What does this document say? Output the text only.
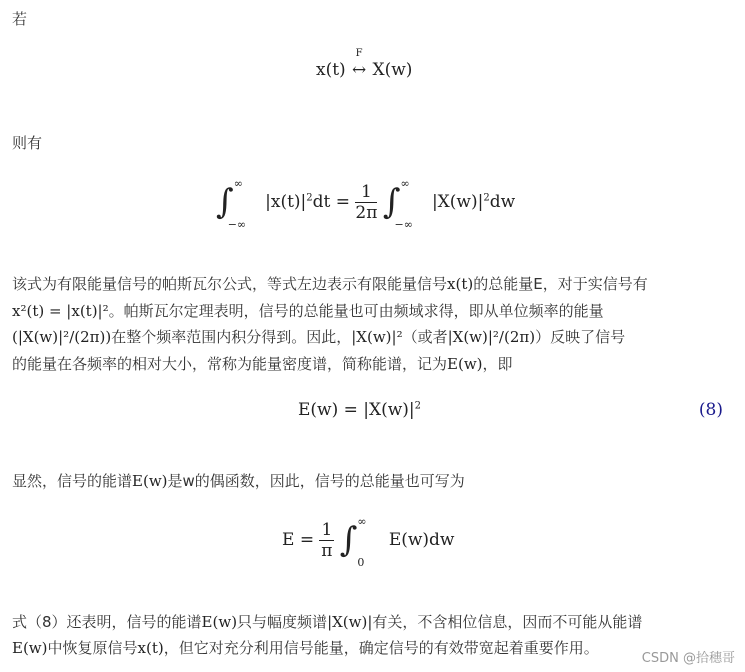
若

x(t)
F
↔ X(w)

则有

∫ ∞
−∞
$|x(t)|^2dt = \frac{1}{2\pi}$ ∫ ∞
−∞
$|X(w)|^2dw$

该式为有限能量信号的帕斯瓦尔公式，等式左边表示有限能量信号x(t)的总能量E，对于实信号有

x²(t) = |x(t)|²。帕斯瓦尔定理表明，信号的总能量也可由频域求得，即从单位频率的能量

(|X(w)|²/(2π))在整个频率范围内积分得到。因此，|X(w)|²（或者|X(w)|²/(2π)）反映了信号

的能量在各频率的相对大小，常称为能量密度谱，简称能谱，记为E(w)，即

$E(w) = |X(w)|^2$	(8)

显然，信号的能谱E(w)是w的偶函数，因此，信号的总能量也可写为

$E = \frac{1}{\pi}$ ∫ ∞
0
E(w)dw

式（8）还表明，信号的能谱E(w)只与幅度频谱|X(w)|有关，不含相位信息，因而不可能从能谱

E(w)中恢复原信号x(t)，但它对充分利用信号能量，确定信号的有效带宽起着重要作用。

CSDN @拾穗哥
